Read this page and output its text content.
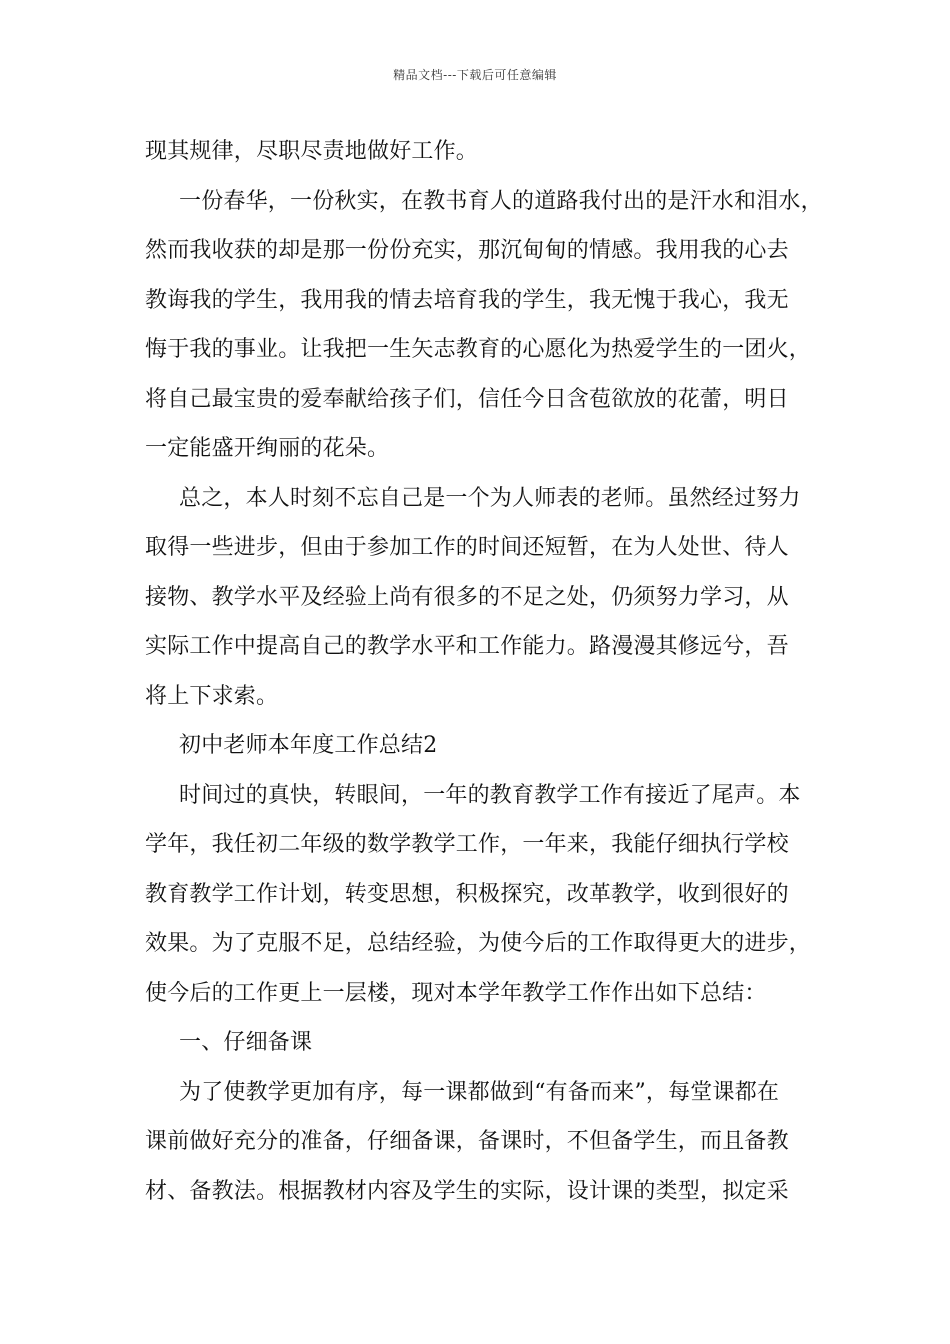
精品文档---下载后可任意编辑
现其规律，尽职尽责地做好工作。
一份春华，一份秋实，在教书育人的道路我付出的是汗水和泪水，
然而我收获的却是那一份份充实，那沉甸甸的情感。我用我的心去
教诲我的学生，我用我的情去培育我的学生，我无愧于我心，我无
悔于我的事业。让我把一生矢志教育的心愿化为热爱学生的一团火，
将自己最宝贵的爱奉献给孩子们，信任今日含苞欲放的花蕾，明日
一定能盛开绚丽的花朵。
总之，本人时刻不忘自己是一个为人师表的老师。虽然经过努力
取得一些进步，但由于参加工作的时间还短暂，在为人处世、待人
接物、教学水平及经验上尚有很多的不足之处，仍须努力学习，从
实际工作中提高自己的教学水平和工作能力。路漫漫其修远兮，吾
将上下求索。
初中老师本年度工作总结2
时间过的真快，转眼间，一年的教育教学工作有接近了尾声。本
学年，我任初二年级的数学教学工作，一年来，我能仔细执行学校
教育教学工作计划，转变思想，积极探究，改革教学，收到很好的
效果。为了克服不足，总结经验，为使今后的工作取得更大的进步，
使今后的工作更上一层楼，现对本学年教学工作作出如下总结：
一、仔细备课
为了使教学更加有序，每一课都做到“有备而来”，每堂课都在
课前做好充分的准备，仔细备课，备课时，不但备学生，而且备教
材、备教法。根据教材内容及学生的实际，设计课的类型，拟定采
